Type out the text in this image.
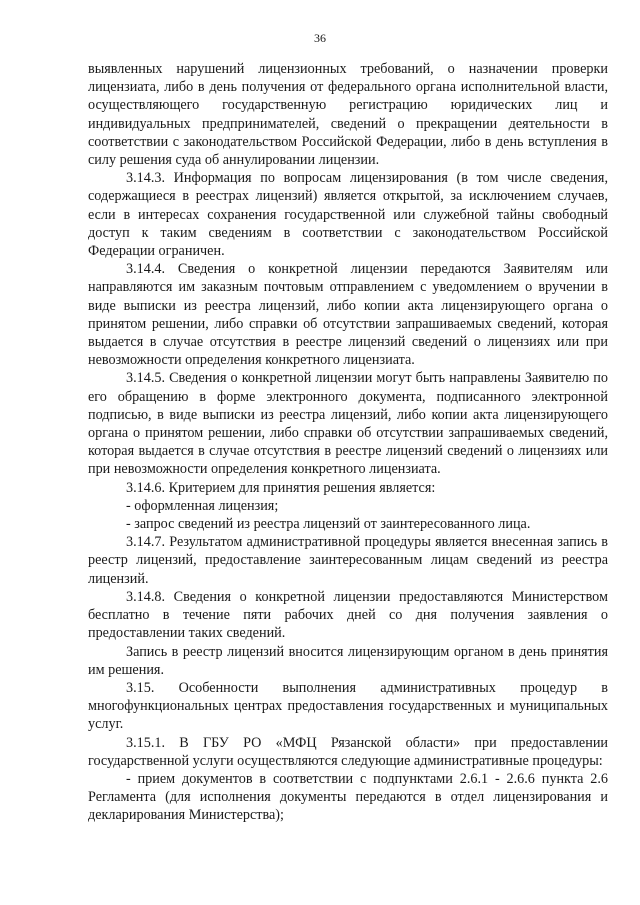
36

выявленных нарушений лицензионных требований, о назначении проверки лицензиата, либо в день получения от федерального органа исполнительной власти, осуществляющего государственную регистрацию юридических лиц и индивидуальных предпринимателей, сведений о прекращении деятельности в соответствии с законодательством Российской Федерации, либо в день вступления в силу решения суда об аннулировании лицензии.

3.14.3. Информация по вопросам лицензирования (в том числе сведения, содержащиеся в реестрах лицензий) является открытой, за исключением случаев, если в интересах сохранения государственной или служебной тайны свободный доступ к таким сведениям в соответствии с законодательством Российской Федерации ограничен.

3.14.4. Сведения о конкретной лицензии передаются Заявителям или направляются им заказным почтовым отправлением с уведомлением о вручении в виде выписки из реестра лицензий, либо копии акта лицензирующего органа о принятом решении, либо справки об отсутствии запрашиваемых сведений, которая выдается в случае отсутствия в реестре лицензий сведений о лицензиях или при невозможности определения конкретного лицензиата.

3.14.5. Сведения о конкретной лицензии могут быть направлены Заявителю по его обращению в форме электронного документа, подписанного электронной подписью, в виде выписки из реестра лицензий, либо копии акта лицензирующего органа о принятом решении, либо справки об отсутствии запрашиваемых сведений, которая выдается в случае отсутствия в реестре лицензий сведений о лицензиях или при невозможности определения конкретного лицензиата.

3.14.6. Критерием для принятия решения является:

- оформленная лицензия;

- запрос сведений из реестра лицензий от заинтересованного лица.

3.14.7. Результатом административной процедуры является внесенная запись в реестр лицензий, предоставление заинтересованным лицам сведений из реестра лицензий.

3.14.8. Сведения о конкретной лицензии предоставляются Министерством бесплатно в течение пяти рабочих дней со дня получения заявления о предоставлении таких сведений.

Запись в реестр лицензий вносится лицензирующим органом в день принятия им решения.

3.15. Особенности выполнения административных процедур в многофункциональных центрах предоставления государственных и муниципальных услуг.

3.15.1. В ГБУ РО «МФЦ Рязанской области» при предоставлении государственной услуги осуществляются следующие административные процедуры:

- прием документов в соответствии с подпунктами 2.6.1 - 2.6.6 пункта 2.6 Регламента (для исполнения документы передаются в отдел лицензирования и декларирования Министерства);
